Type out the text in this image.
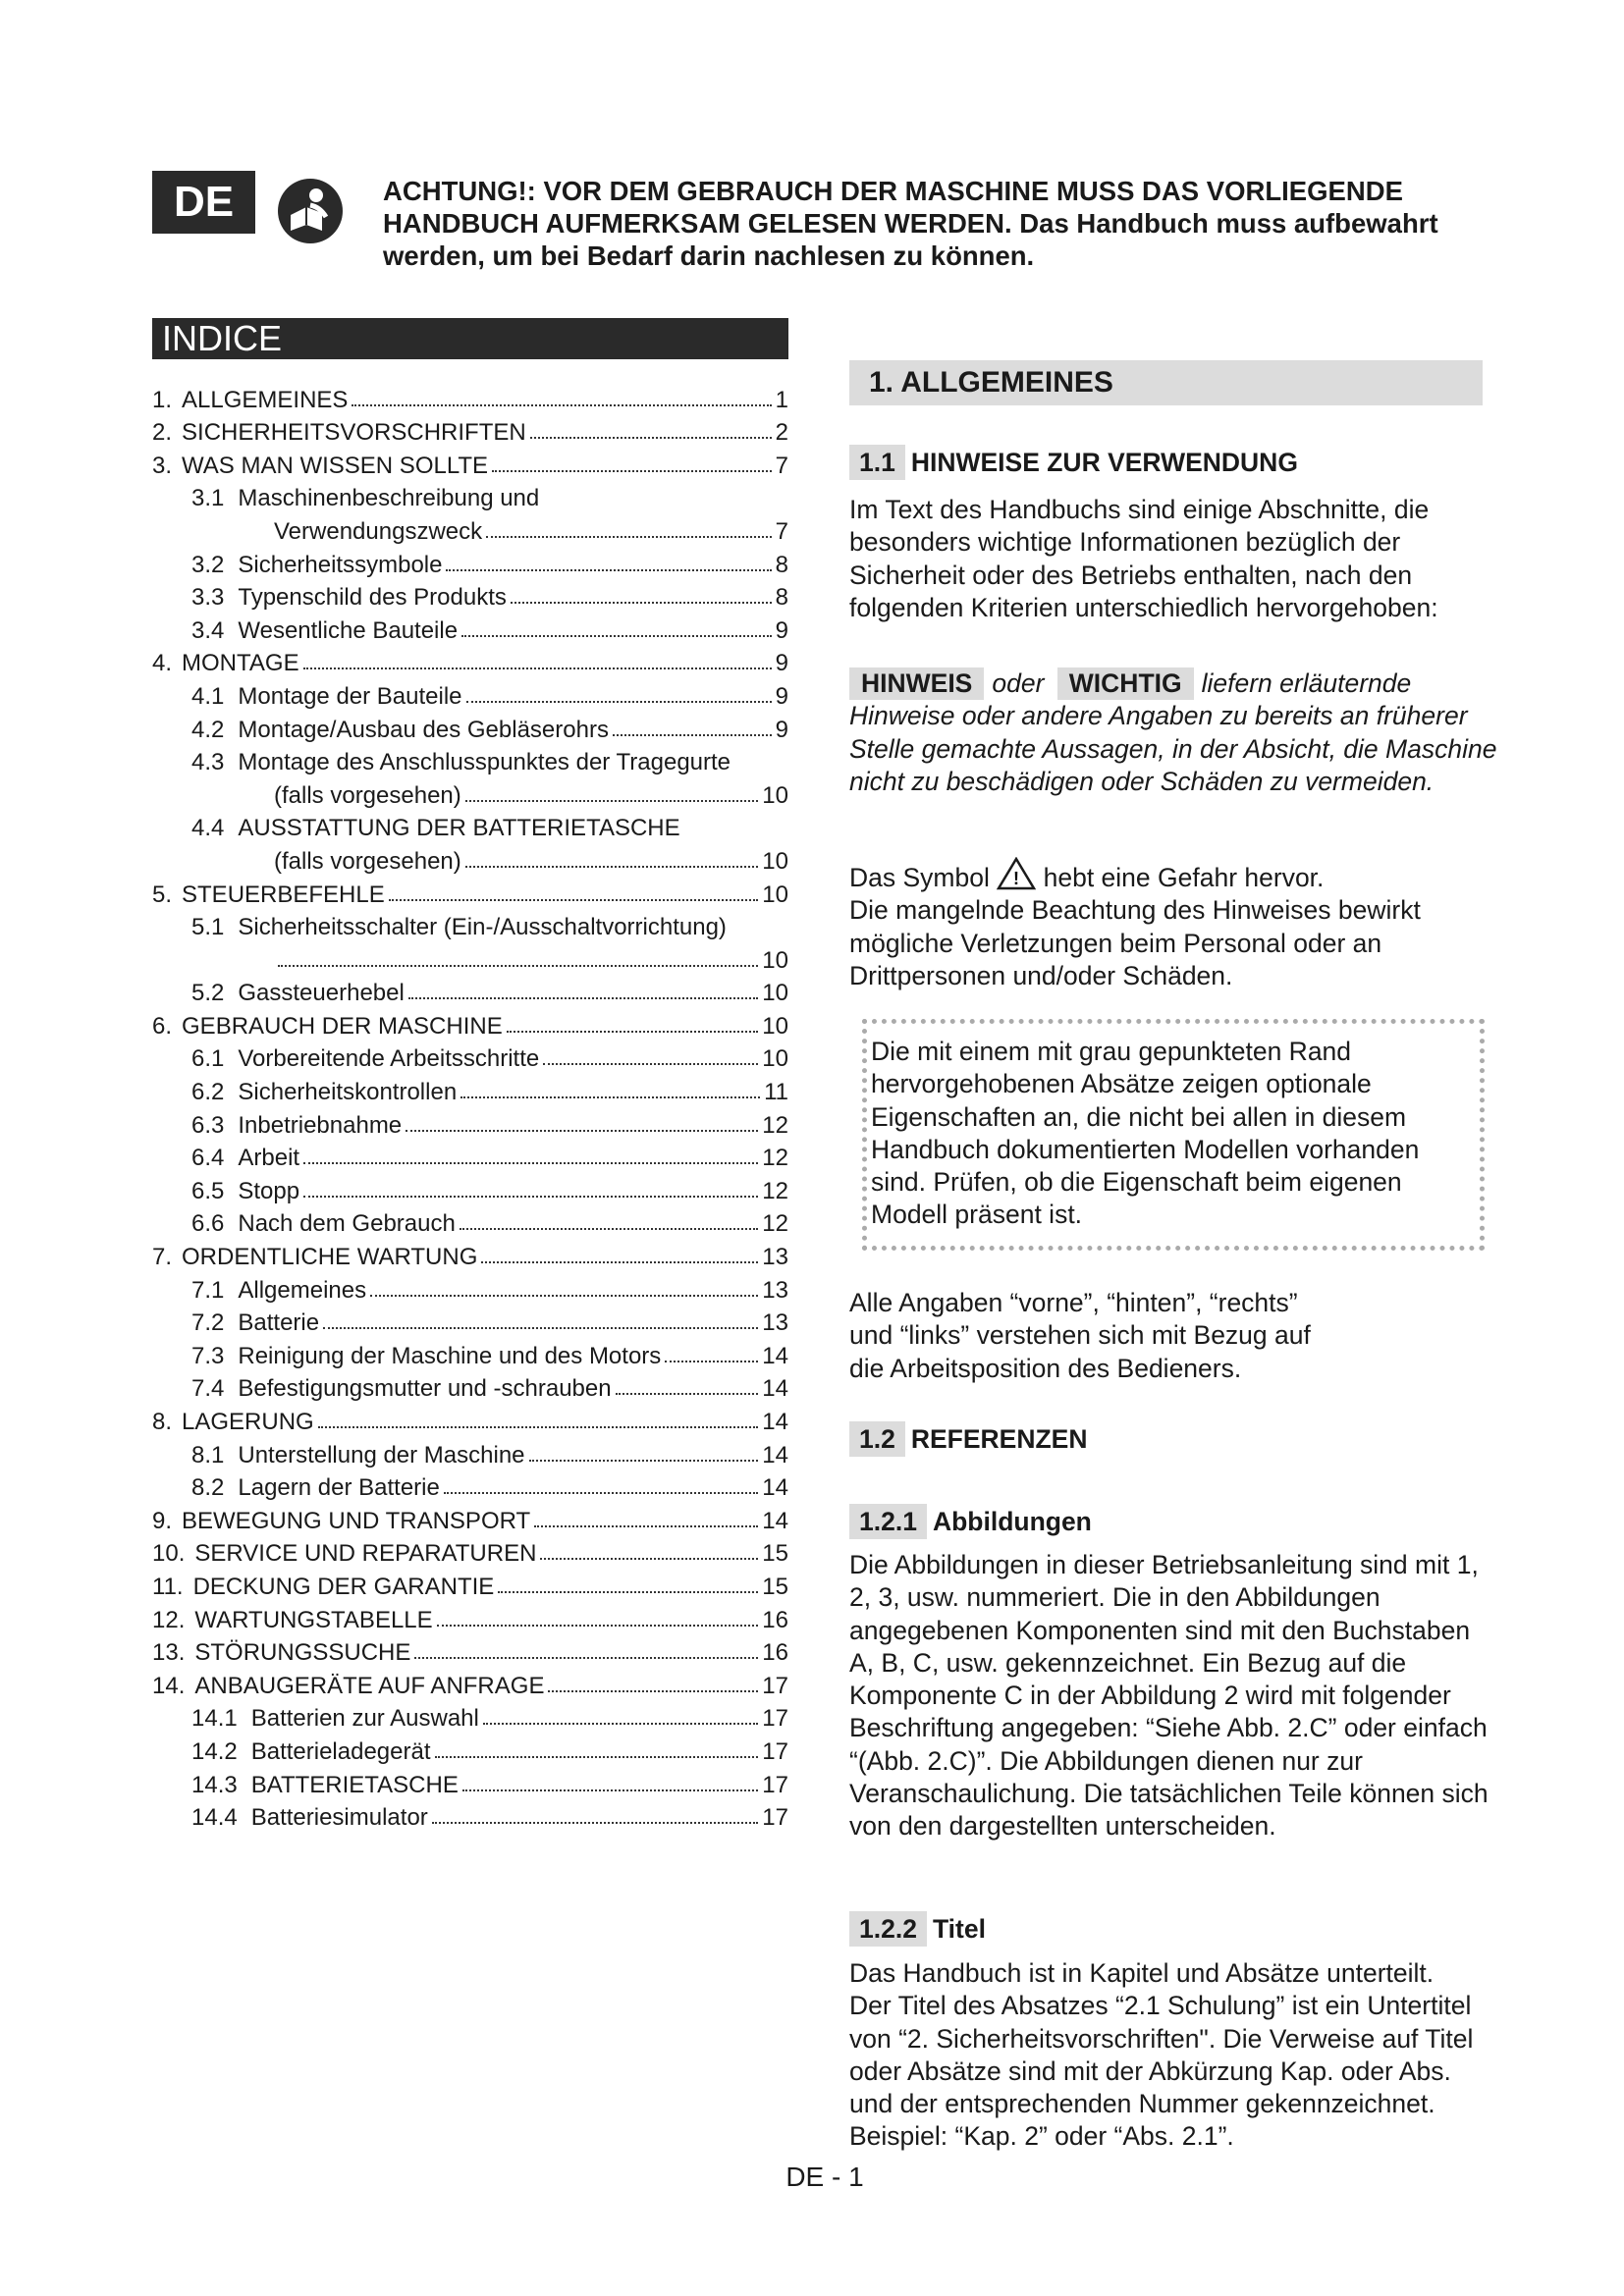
DE	ACHTUNG!: VOR DEM GEBRAUCH DER MASCHINE MUSS DAS VORLIEGENDE HANDBUCH AUFMERKSAM GELESEN WERDEN. Das Handbuch muss aufbewahrt werden, um bei Bedarf darin nachlesen zu können.
INDICE
1. ALLGEMEINES	1
2. SICHERHEITSVORSCHRIFTEN	2
3. WAS MAN WISSEN SOLLTE	7
3.1 Maschinenbeschreibung und
Verwendungszweck	7
3.2 Sicherheitssymbole	8
3.3 Typenschild des Produkts	8
3.4 Wesentliche Bauteile	9
4. MONTAGE	9
4.1 Montage der Bauteile	9
4.2 Montage/Ausbau des Gebläserohrs	9
4.3 Montage des Anschlusspunktes der Tragegurte
(falls vorgesehen)	10
4.4 AUSSTATTUNG DER BATTERIETASCHE
(falls vorgesehen)	10
5. STEUERBEFEHLE	10
5.1 Sicherheitsschalter (Ein-/Ausschaltvorrichtung)
10
5.2 Gassteuerhebel	10
6. GEBRAUCH DER MASCHINE	10
6.1 Vorbereitende Arbeitsschritte	10
6.2 Sicherheitskontrollen	11
6.3 Inbetriebnahme	12
6.4 Arbeit	12
6.5 Stopp	12
6.6 Nach dem Gebrauch	12
7. ORDENTLICHE WARTUNG	13
7.1 Allgemeines	13
7.2 Batterie	13
7.3 Reinigung der Maschine und des Motors	14
7.4 Befestigungsmutter und -schrauben	14
8. LAGERUNG	14
8.1 Unterstellung der Maschine	14
8.2 Lagern der Batterie	14
9. BEWEGUNG UND TRANSPORT	14
10. SERVICE UND REPARATUREN	15
11. DECKUNG DER GARANTIE	15
12. WARTUNGSTABELLE	16
13. STÖRUNGSSUCHE	16
14. ANBAUGERÄTE AUF ANFRAGE	17
14.1 Batterien zur Auswahl	17
14.2 Batterieladegerät	17
14.3 BATTERIETASCHE	17
14.4 Batteriesimulator	17
1. ALLGEMEINES
1.1 HINWEISE ZUR VERWENDUNG
Im Text des Handbuchs sind einige Abschnitte, die besonders wichtige Informationen bezüglich der Sicherheit oder des Betriebs enthalten, nach den folgenden Kriterien unterschiedlich hervorgehoben:
HINWEIS oder WICHTIG liefern erläuternde Hinweise oder andere Angaben zu bereits an früherer Stelle gemachte Aussagen, in der Absicht, die Maschine nicht zu beschädigen oder Schäden zu vermeiden.
Das Symbol ! hebt eine Gefahr hervor.
Die mangelnde Beachtung des Hinweises bewirkt mögliche Verletzungen beim Personal oder an Drittpersonen und/oder Schäden.
Die mit einem mit grau gepunkteten Rand hervorgehobenen Absätze zeigen optionale Eigenschaften an, die nicht bei allen in diesem Handbuch dokumentierten Modellen vorhanden sind. Prüfen, ob die Eigenschaft beim eigenen Modell präsent ist.
Alle Angaben “vorne”, “hinten”, “rechts” und “links” verstehen sich mit Bezug auf die Arbeitsposition des Bedieners.
1.2 REFERENZEN
1.2.1 Abbildungen
Die Abbildungen in dieser Betriebsanleitung sind mit 1, 2, 3, usw. nummeriert. Die in den Abbildungen angegebenen Komponenten sind mit den Buchstaben A, B, C, usw. gekennzeichnet. Ein Bezug auf die Komponente C in der Abbildung 2 wird mit folgender Beschriftung angegeben: “Siehe Abb. 2.C” oder einfach “(Abb. 2.C)”. Die Abbildungen dienen nur zur Veranschaulichung. Die tatsächlichen Teile können sich von den dargestellten unterscheiden.
1.2.2 Titel
Das Handbuch ist in Kapitel und Absätze unterteilt. Der Titel des Absatzes “2.1 Schulung” ist ein Untertitel von “2. Sicherheitsvorschriften". Die Verweise auf Titel oder Absätze sind mit der Abkürzung Kap. oder Abs. und der entsprechenden Nummer gekennzeichnet. Beispiel: “Kap. 2” oder “Abs. 2.1”.
DE - 1
